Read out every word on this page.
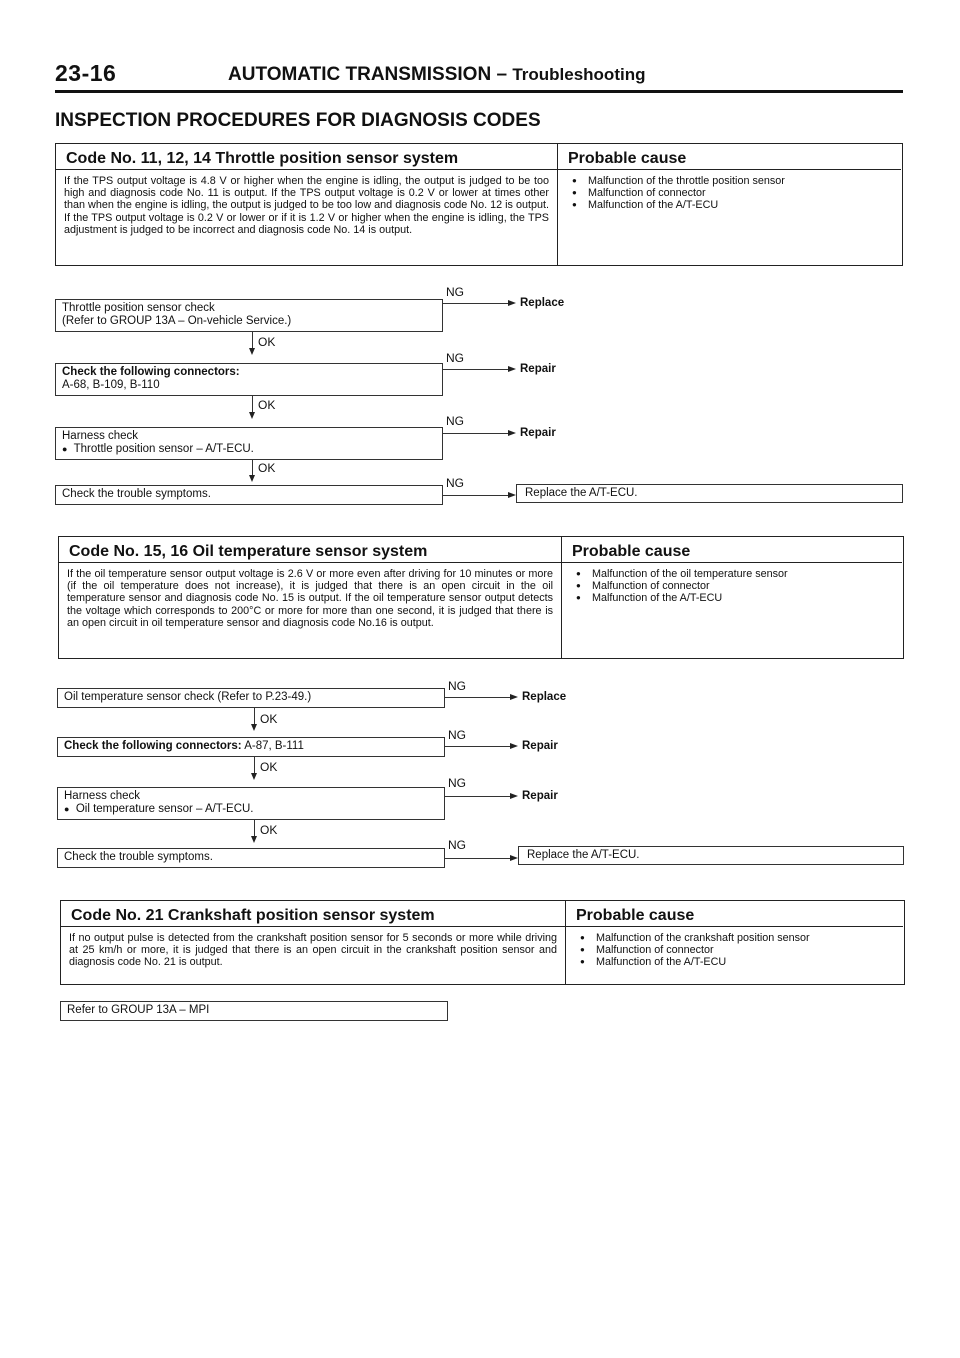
23-16	AUTOMATIC TRANSMISSION – Troubleshooting
INSPECTION PROCEDURES FOR DIAGNOSIS CODES
Code No. 11, 12, 14 Throttle position sensor system
If the TPS output voltage is 4.8 V or higher when the engine is idling, the output is judged to be too high and diagnosis code No. 11 is output. If the TPS output voltage is 0.2 V or lower at times other than when the engine is idling, the output is judged to be too low and diagnosis code No. 12 is output. If the TPS output voltage is 0.2 V or lower or if it is 1.2 V or higher when the engine is idling, the TPS adjustment is judged to be incorrect and diagnosis code No. 14 is output.
Probable cause
● Malfunction of the throttle position sensor
● Malfunction of connector
● Malfunction of the A/T-ECU
Throttle position sensor check
(Refer to GROUP 13A – On-vehicle Service.)
NG
Replace
OK
Check the following connectors:
A-68, B-109, B-110
NG
Repair
OK
Harness check
● Throttle position sensor – A/T-ECU.
NG
Repair
OK
Check the trouble symptoms.
NG
Replace the A/T-ECU.
Code No. 15, 16 Oil temperature sensor system
If the oil temperature sensor output voltage is 2.6 V or more even after driving for 10 minutes or more (if the oil temperature does not increase), it is judged that there is an open circuit in the oil temperature sensor and diagnosis code No. 15 is output. If the oil temperature sensor output detects the voltage which corresponds to 200°C or more for more than one second, it is judged that there is an open circuit in oil temperature sensor and diagnosis code No.16 is output.
Probable cause
● Malfunction of the oil temperature sensor
● Malfunction of connector
● Malfunction of the A/T-ECU
Oil temperature sensor check (Refer to P.23-49.)
NG
Replace
OK
Check the following connectors: A-87, B-111
NG
Repair
OK
Harness check
● Oil temperature sensor – A/T-ECU.
NG
Repair
OK
Check the trouble symptoms.
NG
Replace the A/T-ECU.
Code No. 21 Crankshaft position sensor system
If no output pulse is detected from the crankshaft position sensor for 5 seconds or more while driving at 25 km/h or more, it is judged that there is an open circuit in the crankshaft position sensor and diagnosis code No. 21 is output.
Probable cause
● Malfunction of the crankshaft position sensor
● Malfunction of connector
● Malfunction of the A/T-ECU
Refer to GROUP 13A – MPI
